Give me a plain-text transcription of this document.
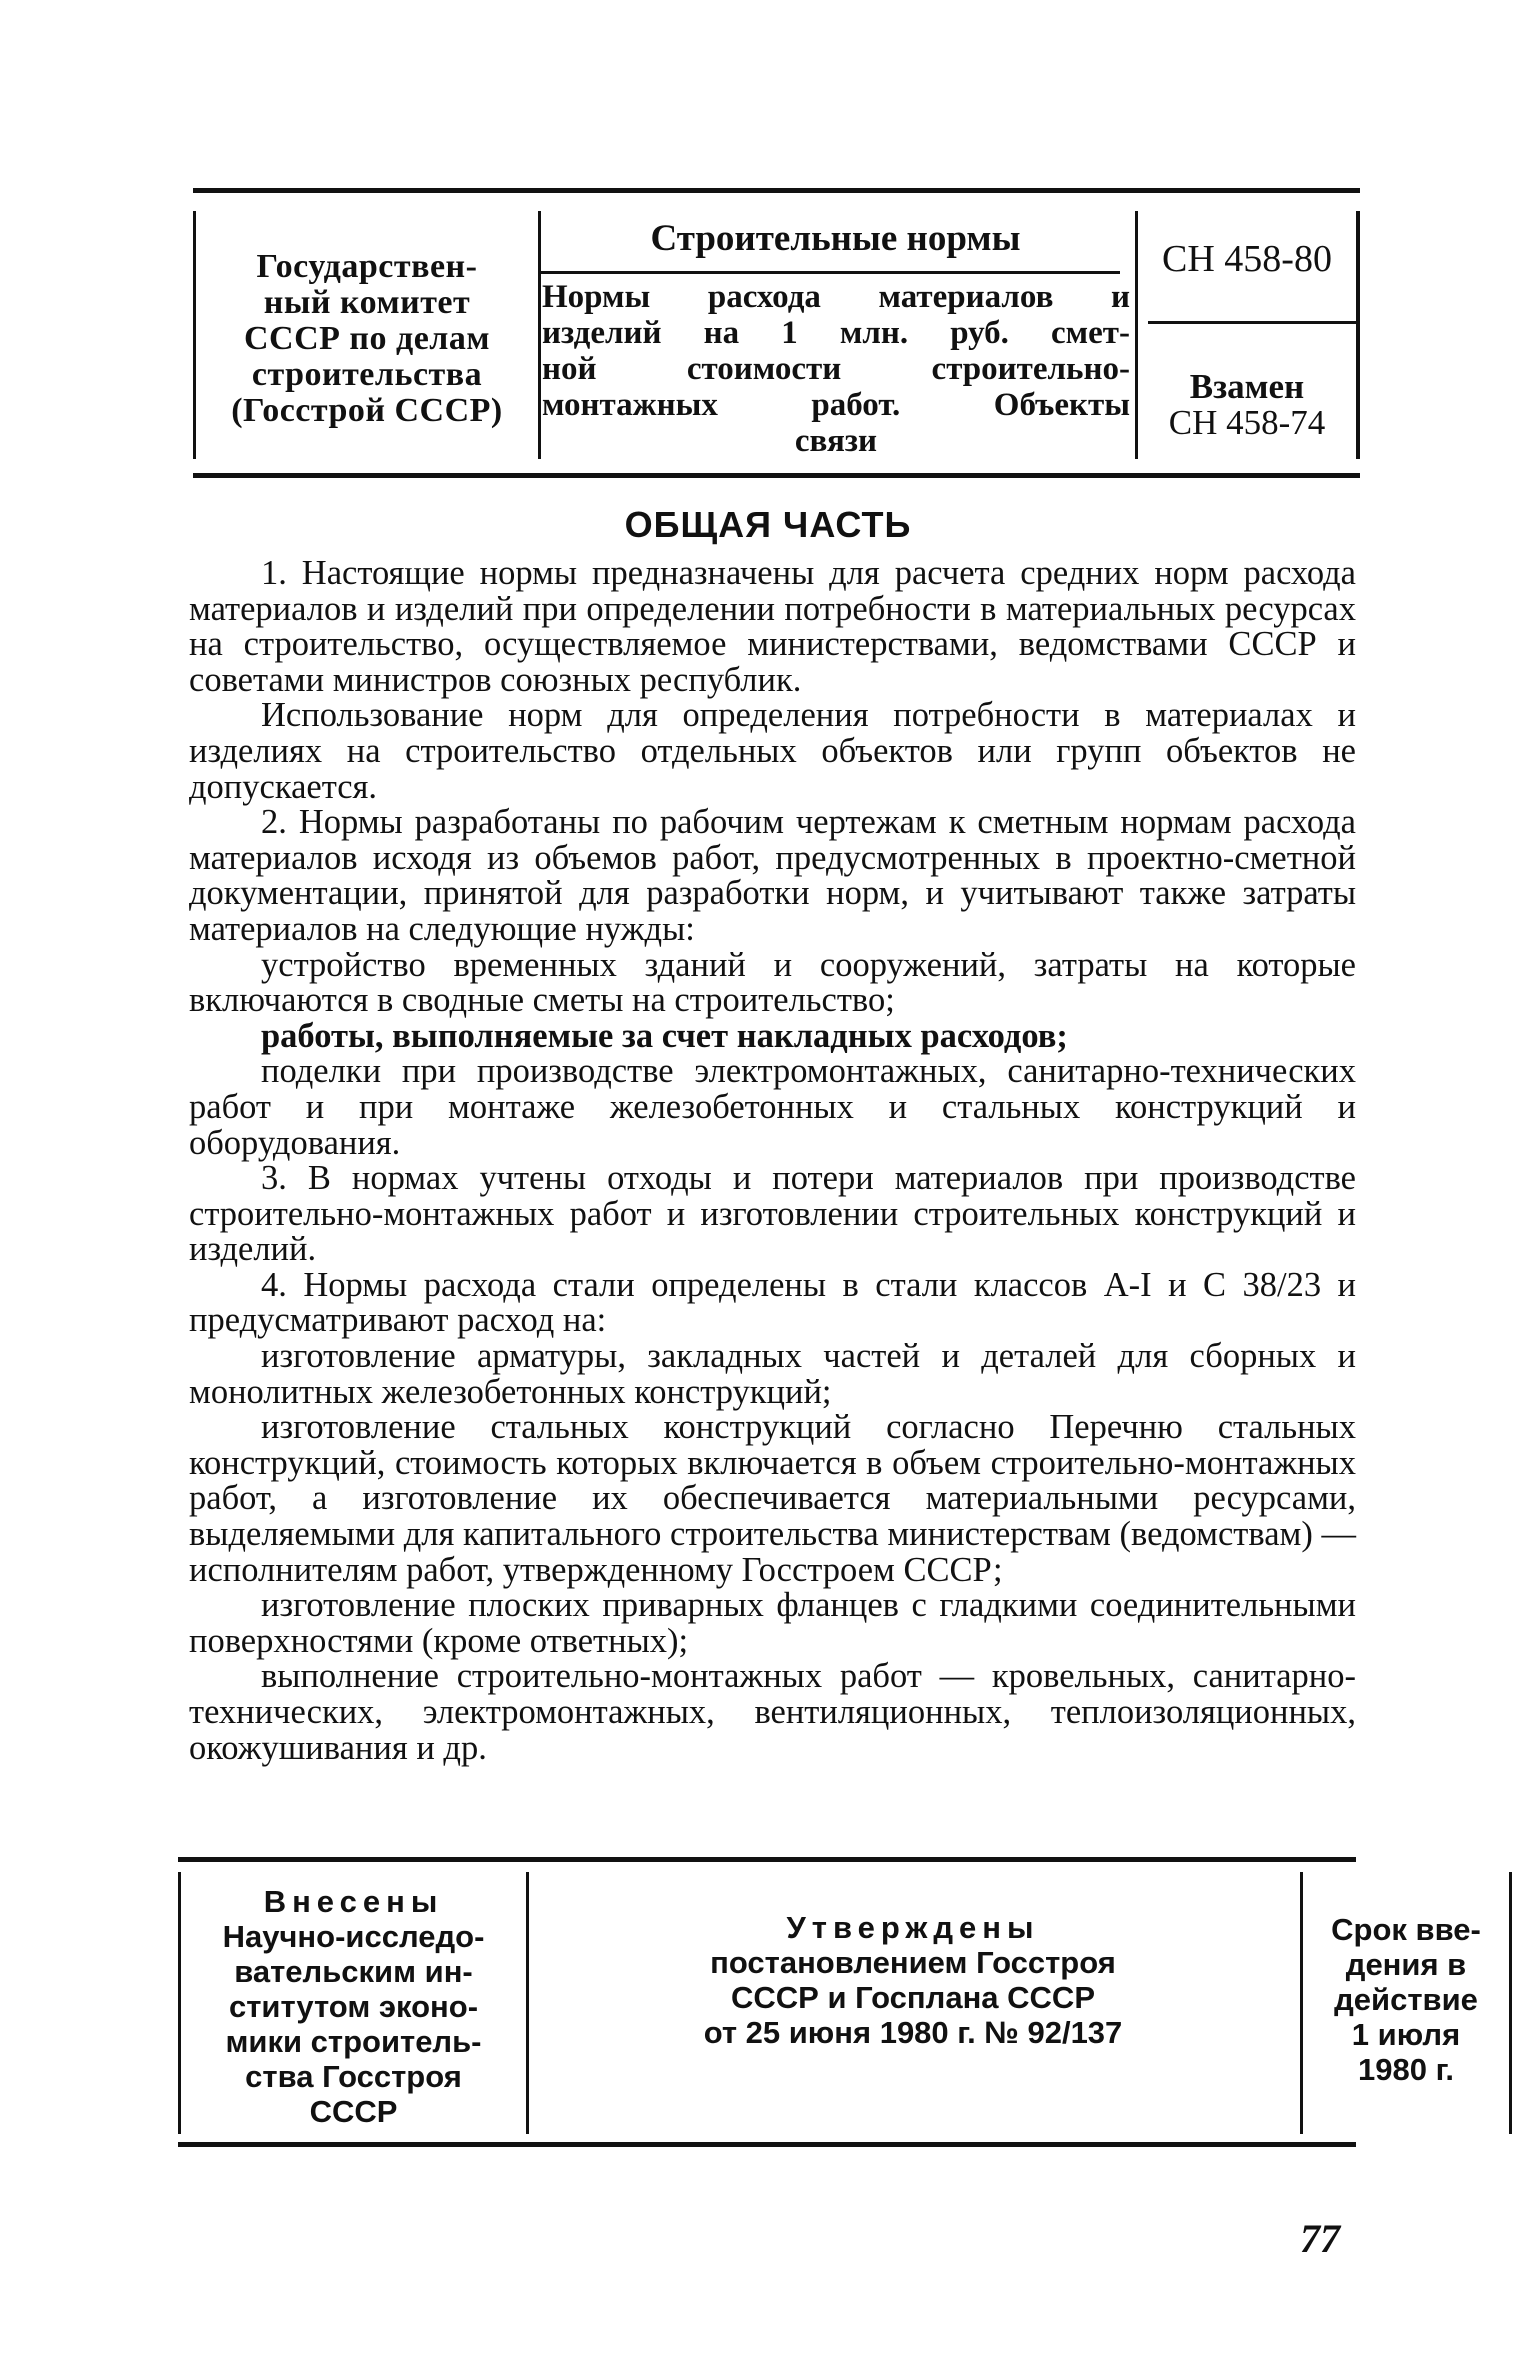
Государствен-
ный комитет
СССР по делам
строительства
(Госстрой СССР)
Строительные нормы
Нормы расхода материалов и
изделий на 1 млн. руб. смет-
ной стоимости строительно-
монтажных работ. Объекты
связи
СН 458-80
Взамен
СН 458-74
ОБЩАЯ ЧАСТЬ

1. Настоящие нормы предназначены для расчета средних норм расхода материалов и изделий при определении потребности в материальных ресурсах на строительство, осуществляемое министерствами, ведомствами СССР и советами министров союзных республик.

Использование норм для определения потребности в материалах и изделиях на строительство отдельных объектов или групп объектов не допускается.

2. Нормы разработаны по рабочим чертежам к сметным нормам расхода материалов исходя из объемов работ, предусмотренных в проектно-сметной документации, принятой для разработки норм, и учитывают также затраты материалов на следующие нужды:

устройство временных зданий и сооружений, затраты на которые включаются в сводные сметы на строительство;

работы, выполняемые за счет накладных расходов;

поделки при производстве электромонтажных, санитарно-технических работ и при монтаже железобетонных и стальных конструкций и оборудования.

3. В нормах учтены отходы и потери материалов при производстве строительно-монтажных работ и изготовлении строительных конструкций и изделий.

4. Нормы расхода стали определены в стали классов А-I и С 38/23 и предусматривают расход на:

изготовление арматуры, закладных частей и деталей для сборных и монолитных железобетонных конструкций;

изготовление стальных конструкций согласно Перечню стальных конструкций, стоимость которых включается в объем строительно-монтажных работ, а изготовление их обеспечивается материальными ресурсами, выделяемыми для капитального строительства министерствам (ведомствам) — исполнителям работ, утвержденному Госстроем СССР;

изготовление плоских приварных фланцев с гладкими соединительными поверхностями (кроме ответных);

выполнение строительно-монтажных работ — кровельных, санитарно-технических, электромонтажных, вентиляционных, теплоизоляционных, окожушивания и др.

Внесены
Научно-исследо-
вательским ин-
ститутом эконо-
мики строитель-
ства Госстроя
СССР
Утверждены
постановлением Госстроя
СССР и Госплана СССР
от 25 июня 1980 г. № 92/137
Срок вве-
дения в
действие
1 июля
1980 г.
77
